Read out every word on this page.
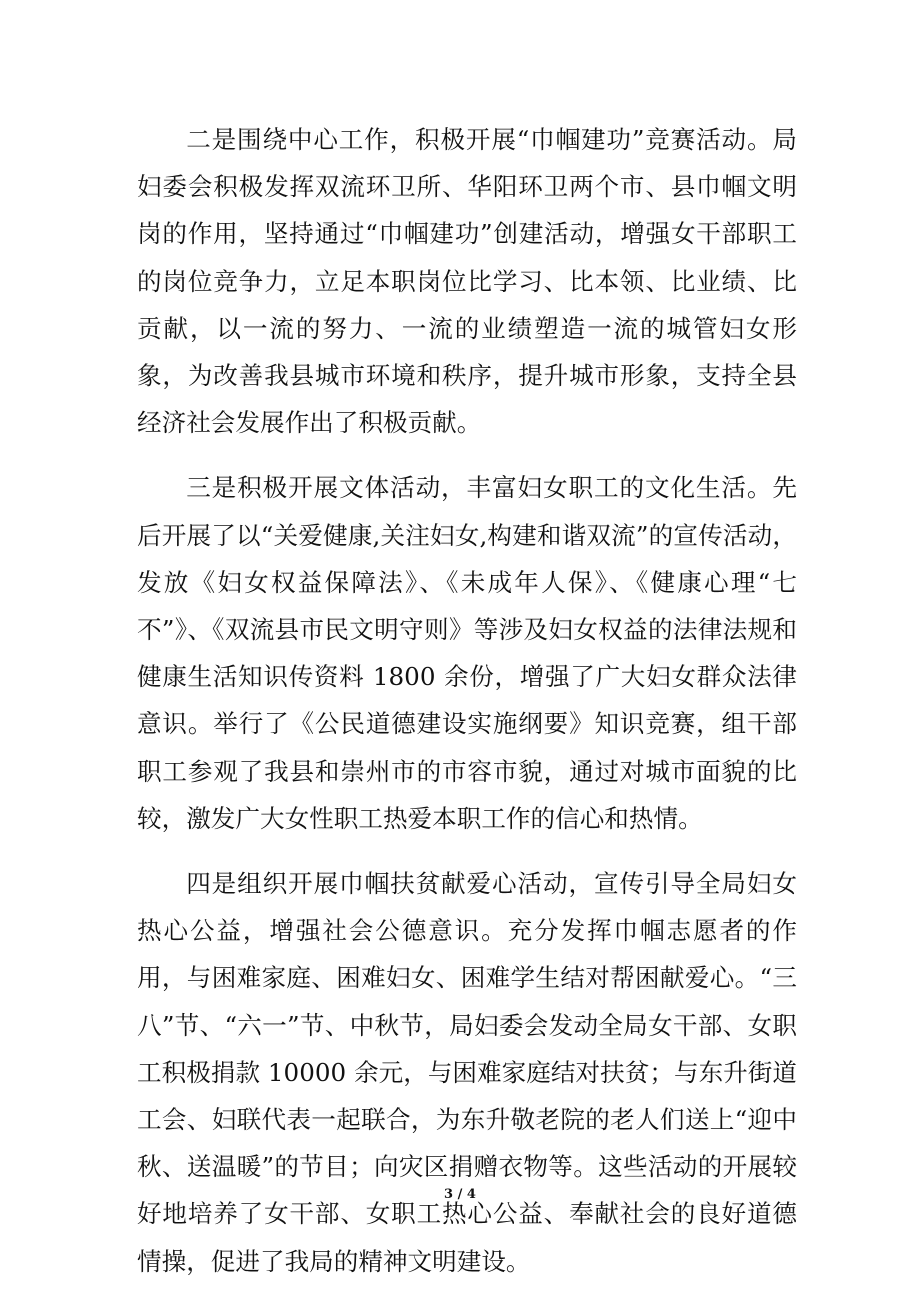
二是围绕中心工作，积极开展“巾帼建功”竞赛活动。局妇委会积极发挥双流环卫所、华阳环卫两个市、县巾帼文明岗的作用，坚持通过“巾帼建功”创建活动，增强女干部职工的岗位竞争力，立足本职岗位比学习、比本领、比业绩、比贡献，以一流的努力、一流的业绩塑造一流的城管妇女形象，为改善我县城市环境和秩序，提升城市形象，支持全县经济社会发展作出了积极贡献。

三是积极开展文体活动，丰富妇女职工的文化生活。先后开展了以“关爱健康,关注妇女,构建和谐双流”的宣传活动，发放《妇女权益保障法》、《未成年人保》、《健康心理“七不”》、《双流县市民文明守则》等涉及妇女权益的法律法规和健康生活知识传资料 1800 余份，增强了广大妇女群众法律意识。举行了《公民道德建设实施纲要》知识竞赛，组干部职工参观了我县和崇州市的市容市貌，通过对城市面貌的比较，激发广大女性职工热爱本职工作的信心和热情。

四是组织开展巾帼扶贫献爱心活动，宣传引导全局妇女热心公益，增强社会公德意识。充分发挥巾帼志愿者的作用，与困难家庭、困难妇女、困难学生结对帮困献爱心。“三八”节、“六一”节、中秋节，局妇委会发动全局女干部、女职工积极捐款 10000 余元，与困难家庭结对扶贫；与东升街道工会、妇联代表一起联合，为东升敬老院的老人们送上“迎中秋、送温暖”的节目；向灾区捐赠衣物等。这些活动的开展较好地培养了女干部、女职工热心公益、奉献社会的良好道德情操，促进了我局的精神文明建设。

3 / 4
